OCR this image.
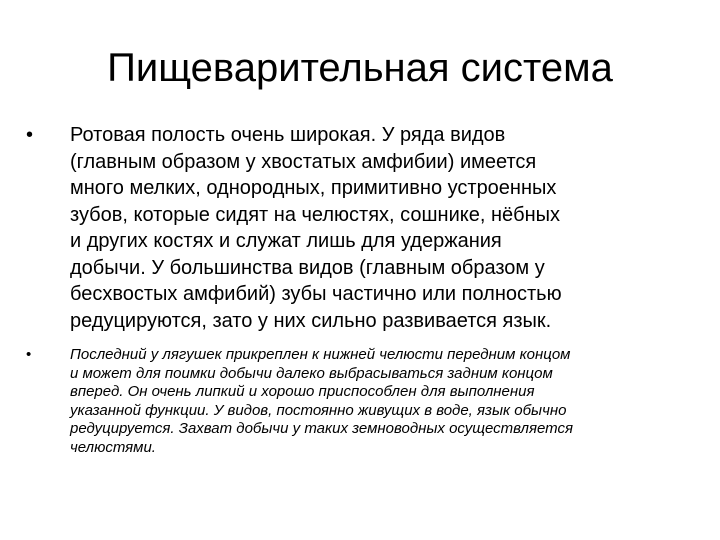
Пищеварительная система
•	Ротовая полость очень широкая. У ряда видов
(главным образом у хвостатых амфибии) имеется
много мелких, однородных, примитивно устроенных
зубов, которые сидят на челюстях, сошнике, нёбных
и других костях и служат лишь для удержания
добычи. У большинства видов (главным образом у
бесхвостых амфибий) зубы частично или полностью
редуцируются, зато у них сильно развивается язык.
•	Последний у лягушек прикреплен к нижней челюсти передним концом
и может для поимки добычи далеко выбрасываться задним концом
вперед. Он очень липкий и хорошо приспособлен для выполнения
указанной функции. У видов, постоянно живущих в воде, язык обычно
редуцируется. Захват добычи у таких земноводных осуществляется
челюстями.
